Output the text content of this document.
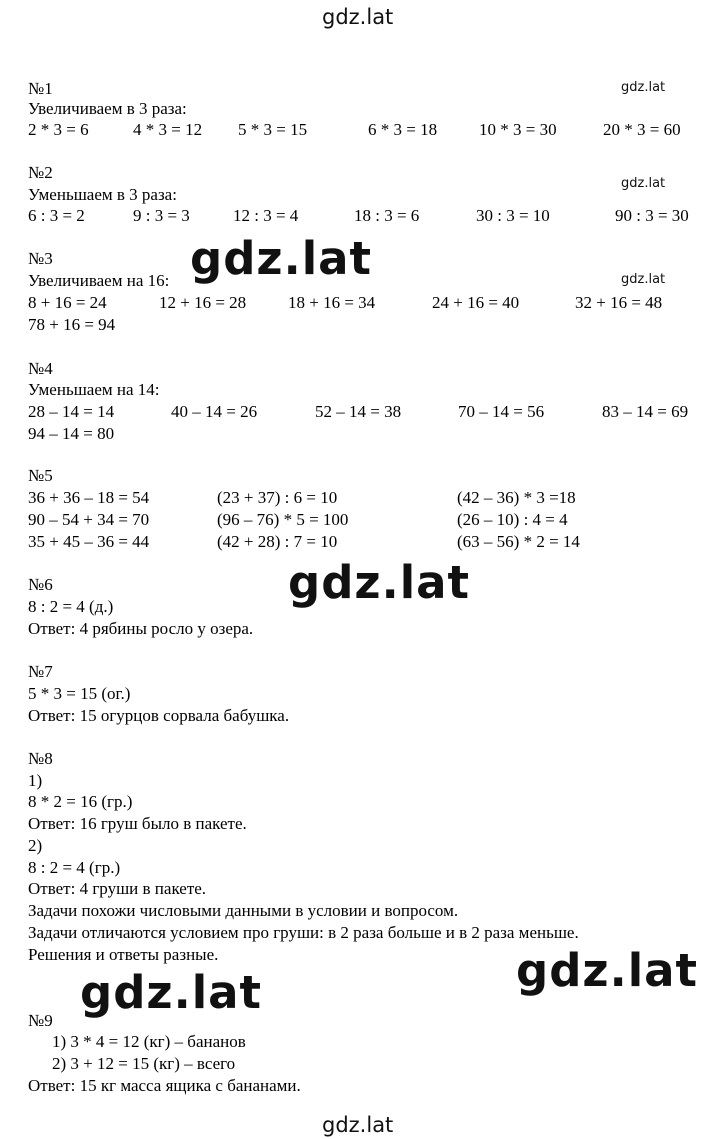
gdz.lat
gdz.lat
gdz.lat
gdz.lat
gdz.lat
gdz.lat
gdz.lat
gdz.lat
gdz.lat
№1
Увеличиваем в 3 раза:
2 * 3 = 6	4 * 3 = 12 5 * 3 = 15	6 * 3 = 18 10 * 3 = 30	20 * 3 = 60
№2
Уменьшаем в 3 раза:
6 : 3 = 2	9 : 3 = 3	12 : 3 = 4	18 : 3 = 6	30 : 3 = 10	90 : 3 = 30
№3
Увеличиваем на 16:
8 + 16 = 24	12 + 16 = 28 18 + 16 = 34	24 + 16 = 40	32 + 16 = 48
78 + 16 = 94
№4
Уменьшаем на 14:
28 – 14 = 14	40 – 14 = 26	52 – 14 = 38	70 – 14 = 56	83 – 14 = 69
94 – 14 = 80
№5
36 + 36 – 18 = 54	(23 + 37) : 6 = 10	(42 – 36) * 3 =18
90 – 54 + 34 = 70	(96 – 76) * 5 = 100	(26 – 10) : 4 = 4
35 + 45 – 36 = 44	(42 + 28) : 7 = 10	(63 – 56) * 2 = 14
№6
8 : 2 = 4 (д.)
Ответ: 4 рябины росло у озера.
№7
5 * 3 = 15 (ог.)
Ответ: 15 огурцов сорвала бабушка.
№8
1)
8 * 2 = 16 (гр.)
Ответ: 16 груш было в пакете.
2)
8 : 2 = 4 (гр.)
Ответ: 4 груши в пакете.
Задачи похожи числовыми данными в условии и вопросом.
Задачи отличаются условием про груши: в 2 раза больше и в 2 раза меньше.
Решения и ответы разные.
№9
1) 3 * 4 = 12 (кг) – бананов
2) 3 + 12 = 15 (кг) – всего
Ответ: 15 кг масса ящика с бананами.
